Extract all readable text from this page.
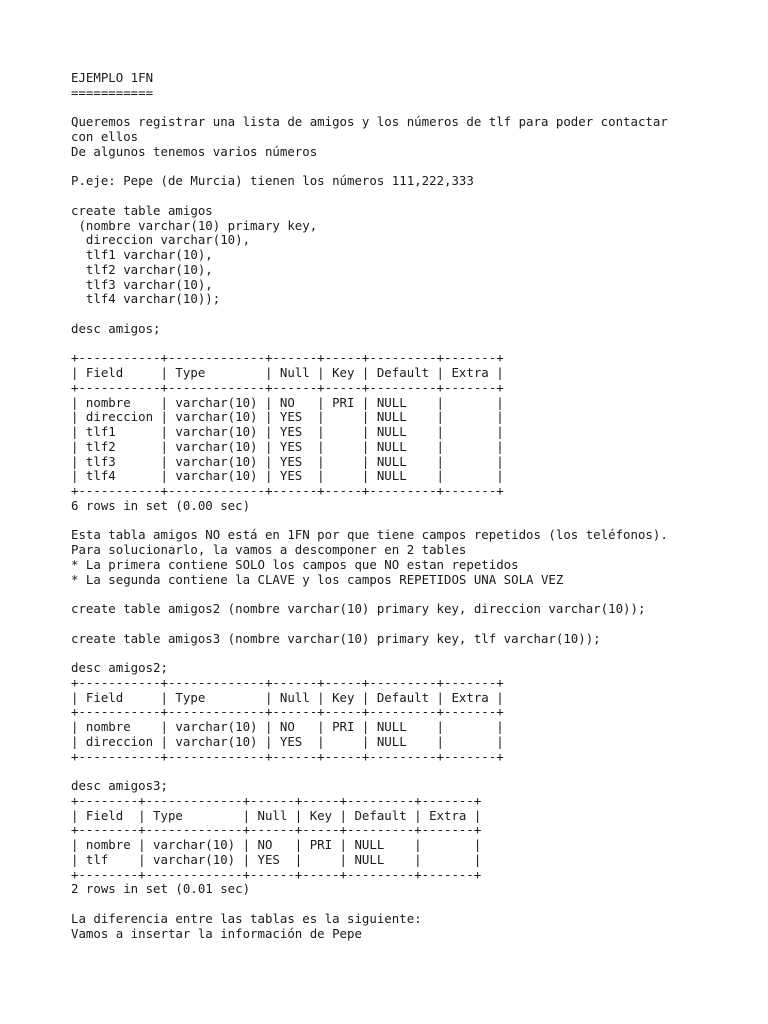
EJEMPLO 1FN
===========
Queremos registrar una lista de amigos y los números de tlf para poder contactar
con ellos
De algunos tenemos varios números
P.eje: Pepe (de Murcia) tienen los números 111,222,333
create table amigos
(nombre varchar(10) primary key,
direccion varchar(10),
tlf1 varchar(10),
tlf2 varchar(10),
tlf3 varchar(10),
tlf4 varchar(10));
desc amigos;
+-----------+-------------+------+-----+---------+-------+
| Field     | Type        | Null | Key | Default | Extra |
+-----------+-------------+------+-----+---------+-------+
| nombre    | varchar(10) | NO   | PRI | NULL    |       |
| direccion | varchar(10) | YES  |     | NULL    |       |
| tlf1      | varchar(10) | YES  |     | NULL    |       |
| tlf2      | varchar(10) | YES  |     | NULL    |       |
| tlf3      | varchar(10) | YES  |     | NULL    |       |
| tlf4      | varchar(10) | YES  |     | NULL    |       |
+-----------+-------------+------+-----+---------+-------+
6 rows in set (0.00 sec)
Esta tabla amigos NO está en 1FN por que tiene campos repetidos (los teléfonos).
Para solucionarlo, la vamos a descomponer en 2 tables
* La primera contiene SOLO los campos que NO estan repetidos
* La segunda contiene la CLAVE y los campos REPETIDOS UNA SOLA VEZ
create table amigos2 (nombre varchar(10) primary key, direccion varchar(10));
create table amigos3 (nombre varchar(10) primary key, tlf varchar(10));
desc amigos2;
+-----------+-------------+------+-----+---------+-------+
| Field     | Type        | Null | Key | Default | Extra |
+-----------+-------------+------+-----+---------+-------+
| nombre    | varchar(10) | NO   | PRI | NULL    |       |
| direccion | varchar(10) | YES  |     | NULL    |       |
+-----------+-------------+------+-----+---------+-------+
desc amigos3;
+--------+-------------+------+-----+---------+-------+
| Field  | Type        | Null | Key | Default | Extra |
+--------+-------------+------+-----+---------+-------+
| nombre | varchar(10) | NO   | PRI | NULL    |       |
| tlf    | varchar(10) | YES  |     | NULL    |       |
+--------+-------------+------+-----+---------+-------+
2 rows in set (0.01 sec)
La diferencia entre las tablas es la siguiente:
Vamos a insertar la información de Pepe
